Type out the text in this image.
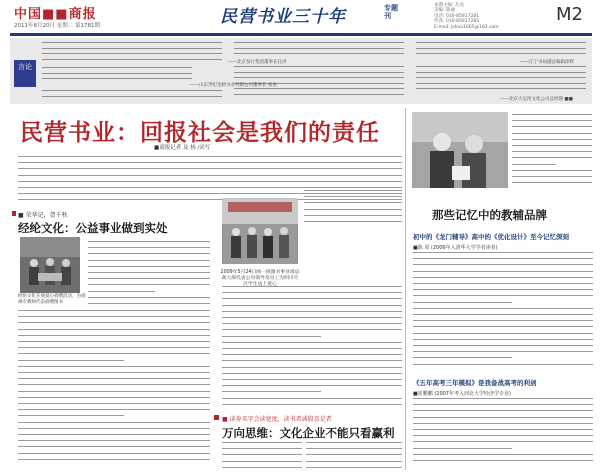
中国■■商报
2011年8月20日 星期二 第1781期	民营书业三十年	专题刊
本期主编: 丛见
美编: 陈丽
电话: 010-85917281
传真: 010-85917285
E-mail: jshuo1665@163.com
M2
言论
——北京发行集团董事长任洪
——山东世纪金榜书业有限公司董事长 张泉
——江宁书局副总编辑徐辉
——北京大运河文化公司总经理 ■■
民营书业：回报社会是我们的责任
■商报记者 及 杨 /采写
■ 荣华记，贺千秋
经纶文化：公益事业做到实处
经纶文化开展爱心捐赠活动，为扬州市教师代表捐赠图书
2009年5月24日曲一线图书事业部总裁大海代表公司领导及员工为四川灾区学生送上爱心
■ 读券买字会读宽度，读书者诚殷喜是者
万向思维：文化企业不能只看赢利
那些记忆中的教辅品牌
初中的《龙门辅导》高中的《优化设计》至今记忆深刻
■陈 周 (2006年入清华大学学者读者)
《五年高考三年模拟》是我备战高考的利剑
■崔鹏鹏 (2007年考入河北大学经济学专业)
